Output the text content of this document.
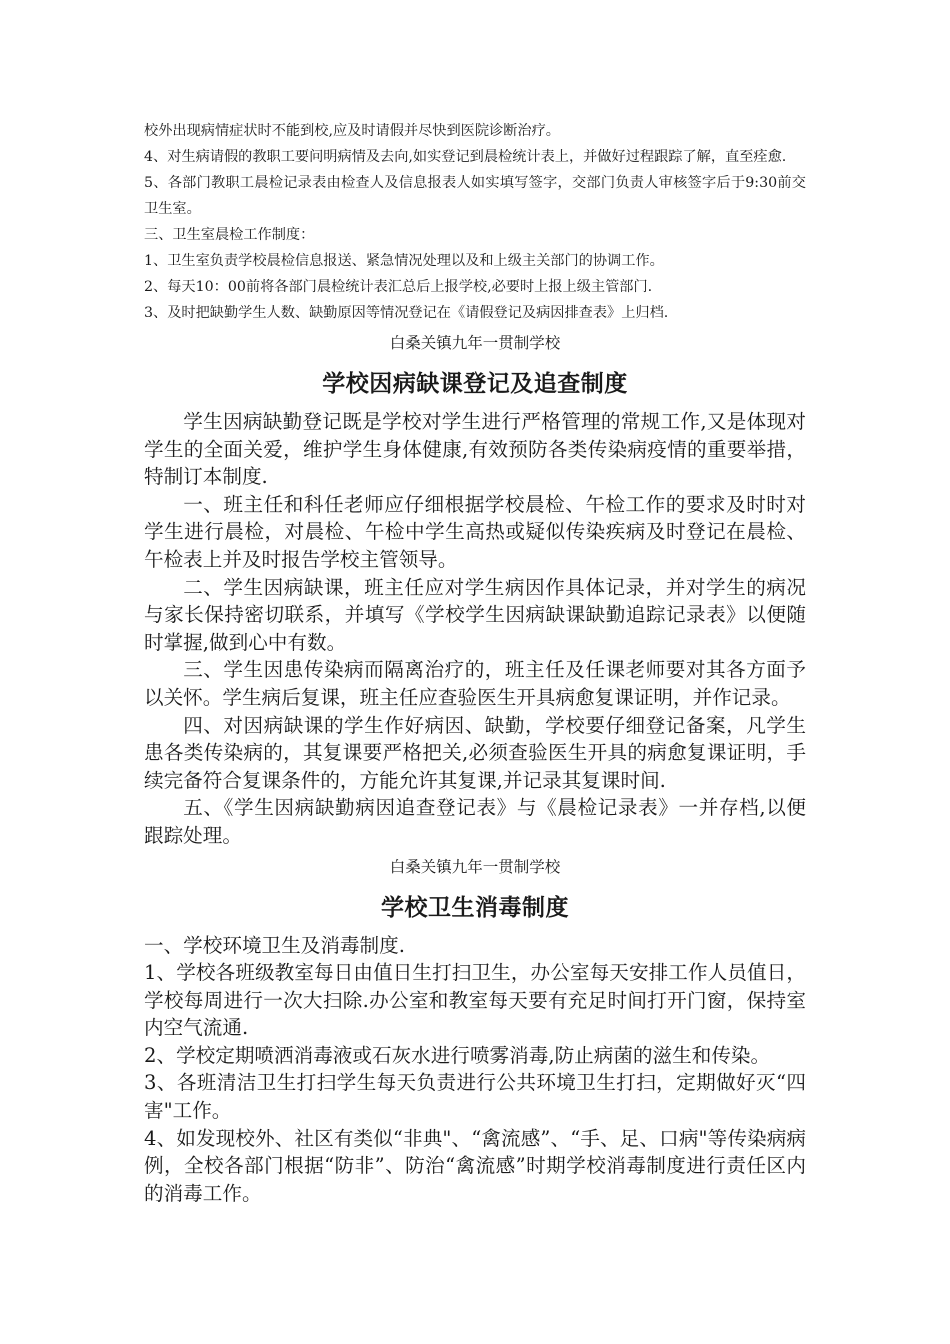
校外出现病情症状时不能到校,应及时请假并尽快到医院诊断治疗。

4、对生病请假的教职工要问明病情及去向,如实登记到晨检统计表上，并做好过程跟踪了解，直至痊愈.

5、各部门教职工晨检记录表由检查人及信息报表人如实填写签字，交部门负责人审核签字后于9:30前交卫生室。

三、卫生室晨检工作制度：

1、卫生室负责学校晨检信息报送、紧急情况处理以及和上级主关部门的协调工作。

2、每天10：00前将各部门晨检统计表汇总后上报学校,必要时上报上级主管部门.

3、及时把缺勤学生人数、缺勤原因等情况登记在《请假登记及病因排查表》上归档.

白桑关镇九年一贯制学校

学校因病缺课登记及追查制度

学生因病缺勤登记既是学校对学生进行严格管理的常规工作,又是体现对学生的全面关爱，维护学生身体健康,有效预防各类传染病疫情的重要举措，特制订本制度.

一、班主任和科任老师应仔细根据学校晨检、午检工作的要求及时时对学生进行晨检，对晨检、午检中学生高热或疑似传染疾病及时登记在晨检、午检表上并及时报告学校主管领导。

二、学生因病缺课，班主任应对学生病因作具体记录，并对学生的病况与家长保持密切联系，并填写《学校学生因病缺课缺勤追踪记录表》以便随时掌握,做到心中有数。

三、学生因患传染病而隔离治疗的，班主任及任课老师要对其各方面予以关怀。学生病后复课，班主任应查验医生开具病愈复课证明，并作记录。

四、对因病缺课的学生作好病因、缺勤，学校要仔细登记备案，凡学生患各类传染病的，其复课要严格把关,必须查验医生开具的病愈复课证明，手续完备符合复课条件的，方能允许其复课,并记录其复课时间.

五、《学生因病缺勤病因追查登记表》与《晨检记录表》一并存档,以便跟踪处理。

白桑关镇九年一贯制学校

学校卫生消毒制度

一、学校环境卫生及消毒制度.

1、学校各班级教室每日由值日生打扫卫生，办公室每天安排工作人员值日，学校每周进行一次大扫除.办公室和教室每天要有充足时间打开门窗，保持室内空气流通.

2、学校定期喷洒消毒液或石灰水进行喷雾消毒,防止病菌的滋生和传染。

3、各班清洁卫生打扫学生每天负责进行公共环境卫生打扫，定期做好灭“四害"工作。

4、如发现校外、社区有类似“非典"、“禽流感”、“手、足、口病"等传染病病例，全校各部门根据“防非”、防治“禽流感”时期学校消毒制度进行责任区内的消毒工作。
